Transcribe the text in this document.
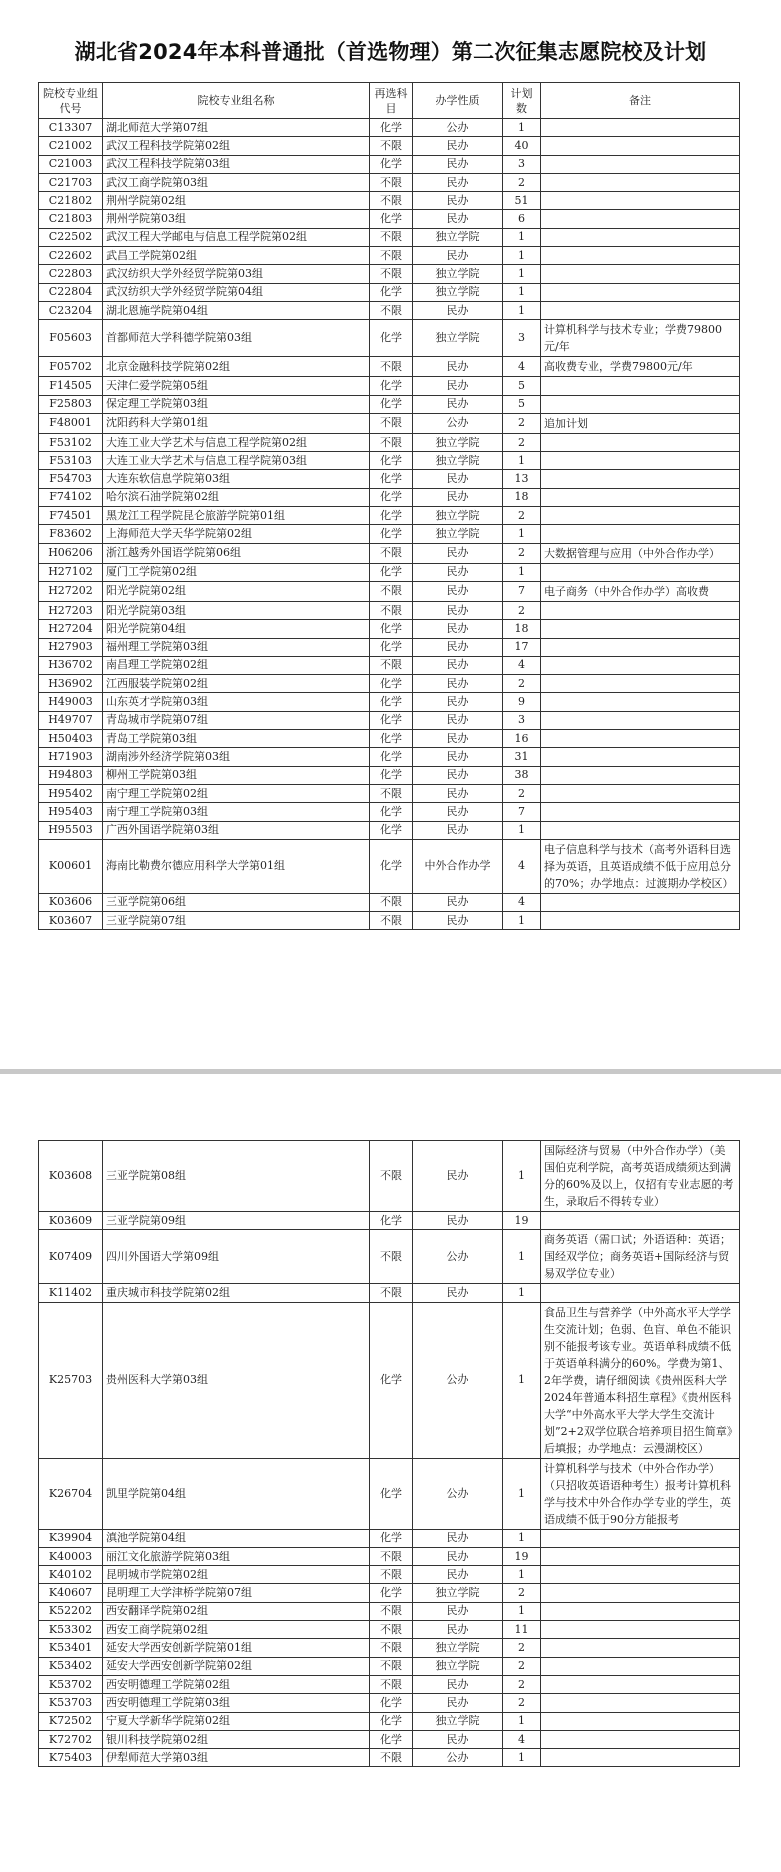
湖北省2024年本科普通批（首选物理）第二次征集志愿院校及计划
院校专业组代号	院校专业组名称	再选科目	办学性质	计划数	备注
C13307	湖北师范大学第07组	化学	公办	1	
C21002	武汉工程科技学院第02组	不限	民办	40	
C21003	武汉工程科技学院第03组	化学	民办	3	
C21703	武汉工商学院第03组	不限	民办	2	
C21802	荆州学院第02组	不限	民办	51	
C21803	荆州学院第03组	化学	民办	6	
C22502	武汉工程大学邮电与信息工程学院第02组	不限	独立学院	1	
C22602	武昌工学院第02组	不限	民办	1	
C22803	武汉纺织大学外经贸学院第03组	不限	独立学院	1	
C22804	武汉纺织大学外经贸学院第04组	化学	独立学院	1	
C23204	湖北恩施学院第04组	不限	民办	1	
F05603	首都师范大学科德学院第03组	化学	独立学院	3	计算机科学与技术专业；学费79800元/年
F05702	北京金融科技学院第02组	不限	民办	4	高收费专业，学费79800元/年
F14505	天津仁爱学院第05组	化学	民办	5	
F25803	保定理工学院第03组	化学	民办	5	
F48001	沈阳药科大学第01组	不限	公办	2	追加计划
F53102	大连工业大学艺术与信息工程学院第02组	不限	独立学院	2	
F53103	大连工业大学艺术与信息工程学院第03组	化学	独立学院	1	
F54703	大连东软信息学院第03组	化学	民办	13	
F74102	哈尔滨石油学院第02组	化学	民办	18	
F74501	黑龙江工程学院昆仑旅游学院第01组	化学	独立学院	2	
F83602	上海师范大学天华学院第02组	化学	独立学院	1	
H06206	浙江越秀外国语学院第06组	不限	民办	2	大数据管理与应用（中外合作办学）
H27102	厦门工学院第02组	化学	民办	1	
H27202	阳光学院第02组	不限	民办	7	电子商务（中外合作办学）高收费
H27203	阳光学院第03组	不限	民办	2	
H27204	阳光学院第04组	化学	民办	18	
H27903	福州理工学院第03组	化学	民办	17	
H36702	南昌理工学院第02组	不限	民办	4	
H36902	江西服装学院第02组	化学	民办	2	
H49003	山东英才学院第03组	化学	民办	9	
H49707	青岛城市学院第07组	化学	民办	3	
H50403	青岛工学院第03组	化学	民办	16	
H71903	湖南涉外经济学院第03组	化学	民办	31	
H94803	柳州工学院第03组	化学	民办	38	
H95402	南宁理工学院第02组	不限	民办	2	
H95403	南宁理工学院第03组	化学	民办	7	
H95503	广西外国语学院第03组	化学	民办	1	
K00601	海南比勒费尔德应用科学大学第01组	化学	中外合作办学	4	电子信息科学与技术（高考外语科目选择为英语，且英语成绩不低于应用总分的70%；办学地点：过渡期办学校区）
K03606	三亚学院第06组	不限	民办	4	
K03607	三亚学院第07组	不限	民办	1	
K03608	三亚学院第08组	不限	民办	1	国际经济与贸易（中外合作办学）（美国伯克利学院，高考英语成绩须达到满分的60%及以上，仅招有专业志愿的考生，录取后不得转专业）
K03609	三亚学院第09组	化学	民办	19	
K07409	四川外国语大学第09组	不限	公办	1	商务英语（需口试；外语语种：英语；国经双学位；商务英语+国际经济与贸易双学位专业）
K11402	重庆城市科技学院第02组	不限	民办	1	
K25703	贵州医科大学第03组	化学	公办	1	食品卫生与营养学（中外高水平大学学生交流计划；色弱、色盲、单色不能识别不能报考该专业。英语单科成绩不低于英语单科满分的60%。学费为第1、2年学费，请仔细阅读《贵州医科大学2024年普通本科招生章程》《贵州医科大学“中外高水平大学大学生交流计划”2+2双学位联合培养项目招生简章》后填报；办学地点：云漫湖校区）
K26704	凯里学院第04组	化学	公办	1	计算机科学与技术（中外合作办学）（只招收英语语种考生）报考计算机科学与技术中外合作办学专业的学生，英语成绩不低于90分方能报考
K39904	滇池学院第04组	化学	民办	1	
K40003	丽江文化旅游学院第03组	不限	民办	19	
K40102	昆明城市学院第02组	不限	民办	1	
K40607	昆明理工大学津桥学院第07组	化学	独立学院	2	
K52202	西安翻译学院第02组	不限	民办	1	
K53302	西安工商学院第02组	不限	民办	11	
K53401	延安大学西安创新学院第01组	不限	独立学院	2	
K53402	延安大学西安创新学院第02组	不限	独立学院	2	
K53702	西安明德理工学院第02组	不限	民办	2	
K53703	西安明德理工学院第03组	化学	民办	2	
K72502	宁夏大学新华学院第02组	化学	独立学院	1	
K72702	银川科技学院第02组	化学	民办	4	
K75403	伊犁师范大学第03组	不限	公办	1	
